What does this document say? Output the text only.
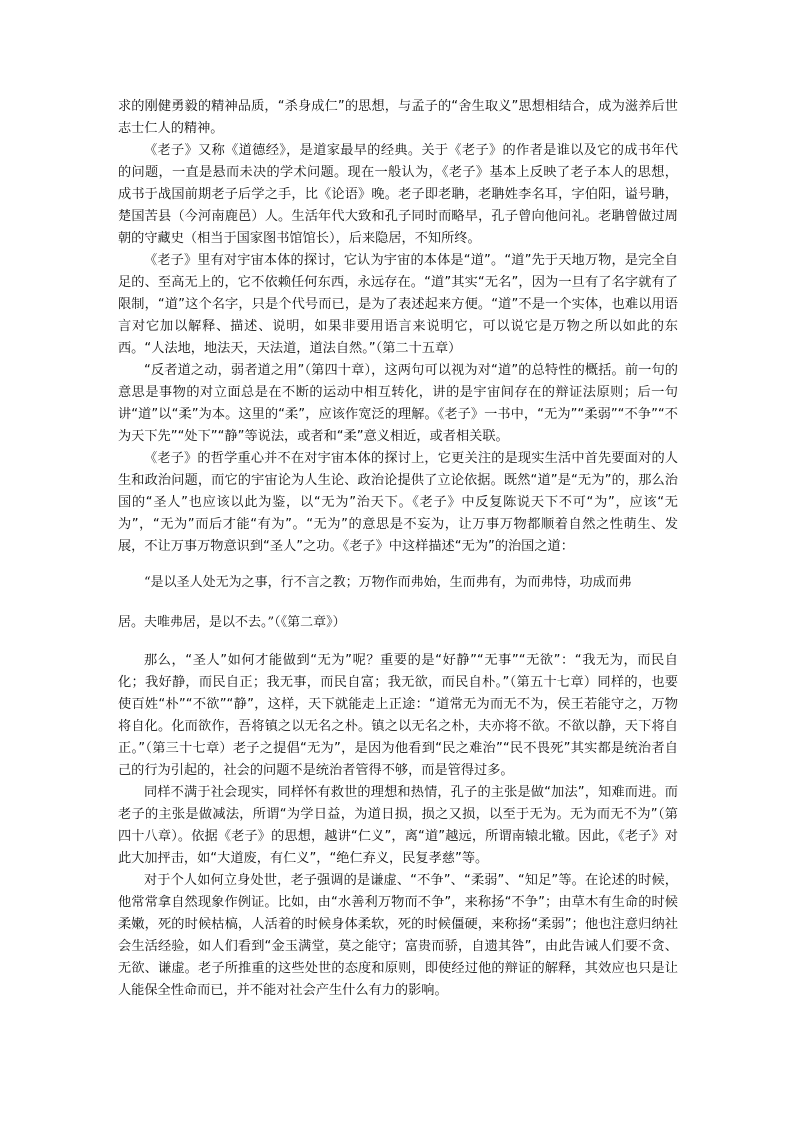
求的刚健勇毅的精神品质，“杀身成仁”的思想，与孟子的“舍生取义”思想相结合，成为滋养后世志士仁人的精神。

《老子》又称《道德经》，是道家最早的经典。关于《老子》的作者是谁以及它的成书年代的问题，一直是悬而未决的学术问题。现在一般认为，《老子》基本上反映了老子本人的思想，成书于战国前期老子后学之手，比《论语》晚。老子即老聃，老聃姓李名耳，字伯阳，谥号聃，楚国苦县（今河南鹿邑）人。生活年代大致和孔子同时而略早，孔子曾向他问礼。老聃曾做过周朝的守藏史（相当于国家图书馆馆长），后来隐居，不知所终。

《老子》里有对宇宙本体的探讨，它认为宇宙的本体是“道”。“道”先于天地万物，是完全自足的、至高无上的，它不依赖任何东西，永远存在。“道”其实“无名”，因为一旦有了名字就有了限制，“道”这个名字，只是个代号而已，是为了表述起来方便。“道”不是一个实体，也难以用语言对它加以解释、描述、说明，如果非要用语言来说明它，可以说它是万物之所以如此的东西。“人法地，地法天，天法道，道法自然。”（第二十五章）

“反者道之动，弱者道之用”（第四十章），这两句可以视为对“道”的总特性的概括。前一句的意思是事物的对立面总是在不断的运动中相互转化，讲的是宇宙间存在的辩证法原则；后一句讲“道”以“柔”为本。这里的“柔”，应该作宽泛的理解。《老子》一书中，“无为”“柔弱”“不争”“不为天下先”“处下”“静”等说法，或者和“柔”意义相近，或者相关联。

《老子》的哲学重心并不在对宇宙本体的探讨上，它更关注的是现实生活中首先要面对的人生和政治问题，而它的宇宙论为人生论、政治论提供了立论依据。既然“道”是“无为”的，那么治国的“圣人”也应该以此为鉴，以“无为”治天下。《老子》中反复陈说天下不可“为”，应该“无为”，“无为”而后才能“有为”。“无为”的意思是不妄为，让万事万物都顺着自然之性萌生、发展，不让万事万物意识到“圣人”之功。《老子》中这样描述“无为”的治国之道：

“是以圣人处无为之事，行不言之教；万物作而弗始，生而弗有，为而弗恃，功成而弗

居。夫唯弗居，是以不去。”（《第二章》）

那么，“圣人”如何才能做到“无为”呢？重要的是“好静”“无事”“无欲”：“我无为，而民自化；我好静，而民自正；我无事，而民自富；我无欲，而民自朴。”（第五十七章）同样的，也要使百姓“朴”“不欲”“静”，这样，天下就能走上正途：“道常无为而无不为，侯王若能守之，万物将自化。化而欲作，吾将镇之以无名之朴。镇之以无名之朴，夫亦将不欲。不欲以静，天下将自正。”（第三十七章）老子之提倡“无为”，是因为他看到“民之难治”“民不畏死”其实都是统治者自己的行为引起的，社会的问题不是统治者管得不够，而是管得过多。

同样不满于社会现实，同样怀有救世的理想和热情，孔子的主张是做“加法”，知难而进。而老子的主张是做减法，所谓“为学日益，为道日损，损之又损，以至于无为。无为而无不为”（第四十八章）。依据《老子》的思想，越讲“仁义”，离“道”越远，所谓南辕北辙。因此，《老子》对此大加抨击，如“大道废，有仁义”，“绝仁弃义，民复孝慈”等。

对于个人如何立身处世，老子强调的是谦虚、“不争”、“柔弱”、“知足”等。在论述的时候，他常常拿自然现象作例证。比如，由“水善利万物而不争”，来称扬“不争”；由草木有生命的时候柔嫩，死的时候枯槁，人活着的时候身体柔软，死的时候僵硬，来称扬“柔弱”；他也注意归纳社会生活经验，如人们看到“金玉满堂，莫之能守；富贵而骄，自遗其咎”，由此告诫人们要不贪、无欲、谦虚。老子所推重的这些处世的态度和原则，即使经过他的辩证的解释，其效应也只是让人能保全性命而已，并不能对社会产生什么有力的影响。
